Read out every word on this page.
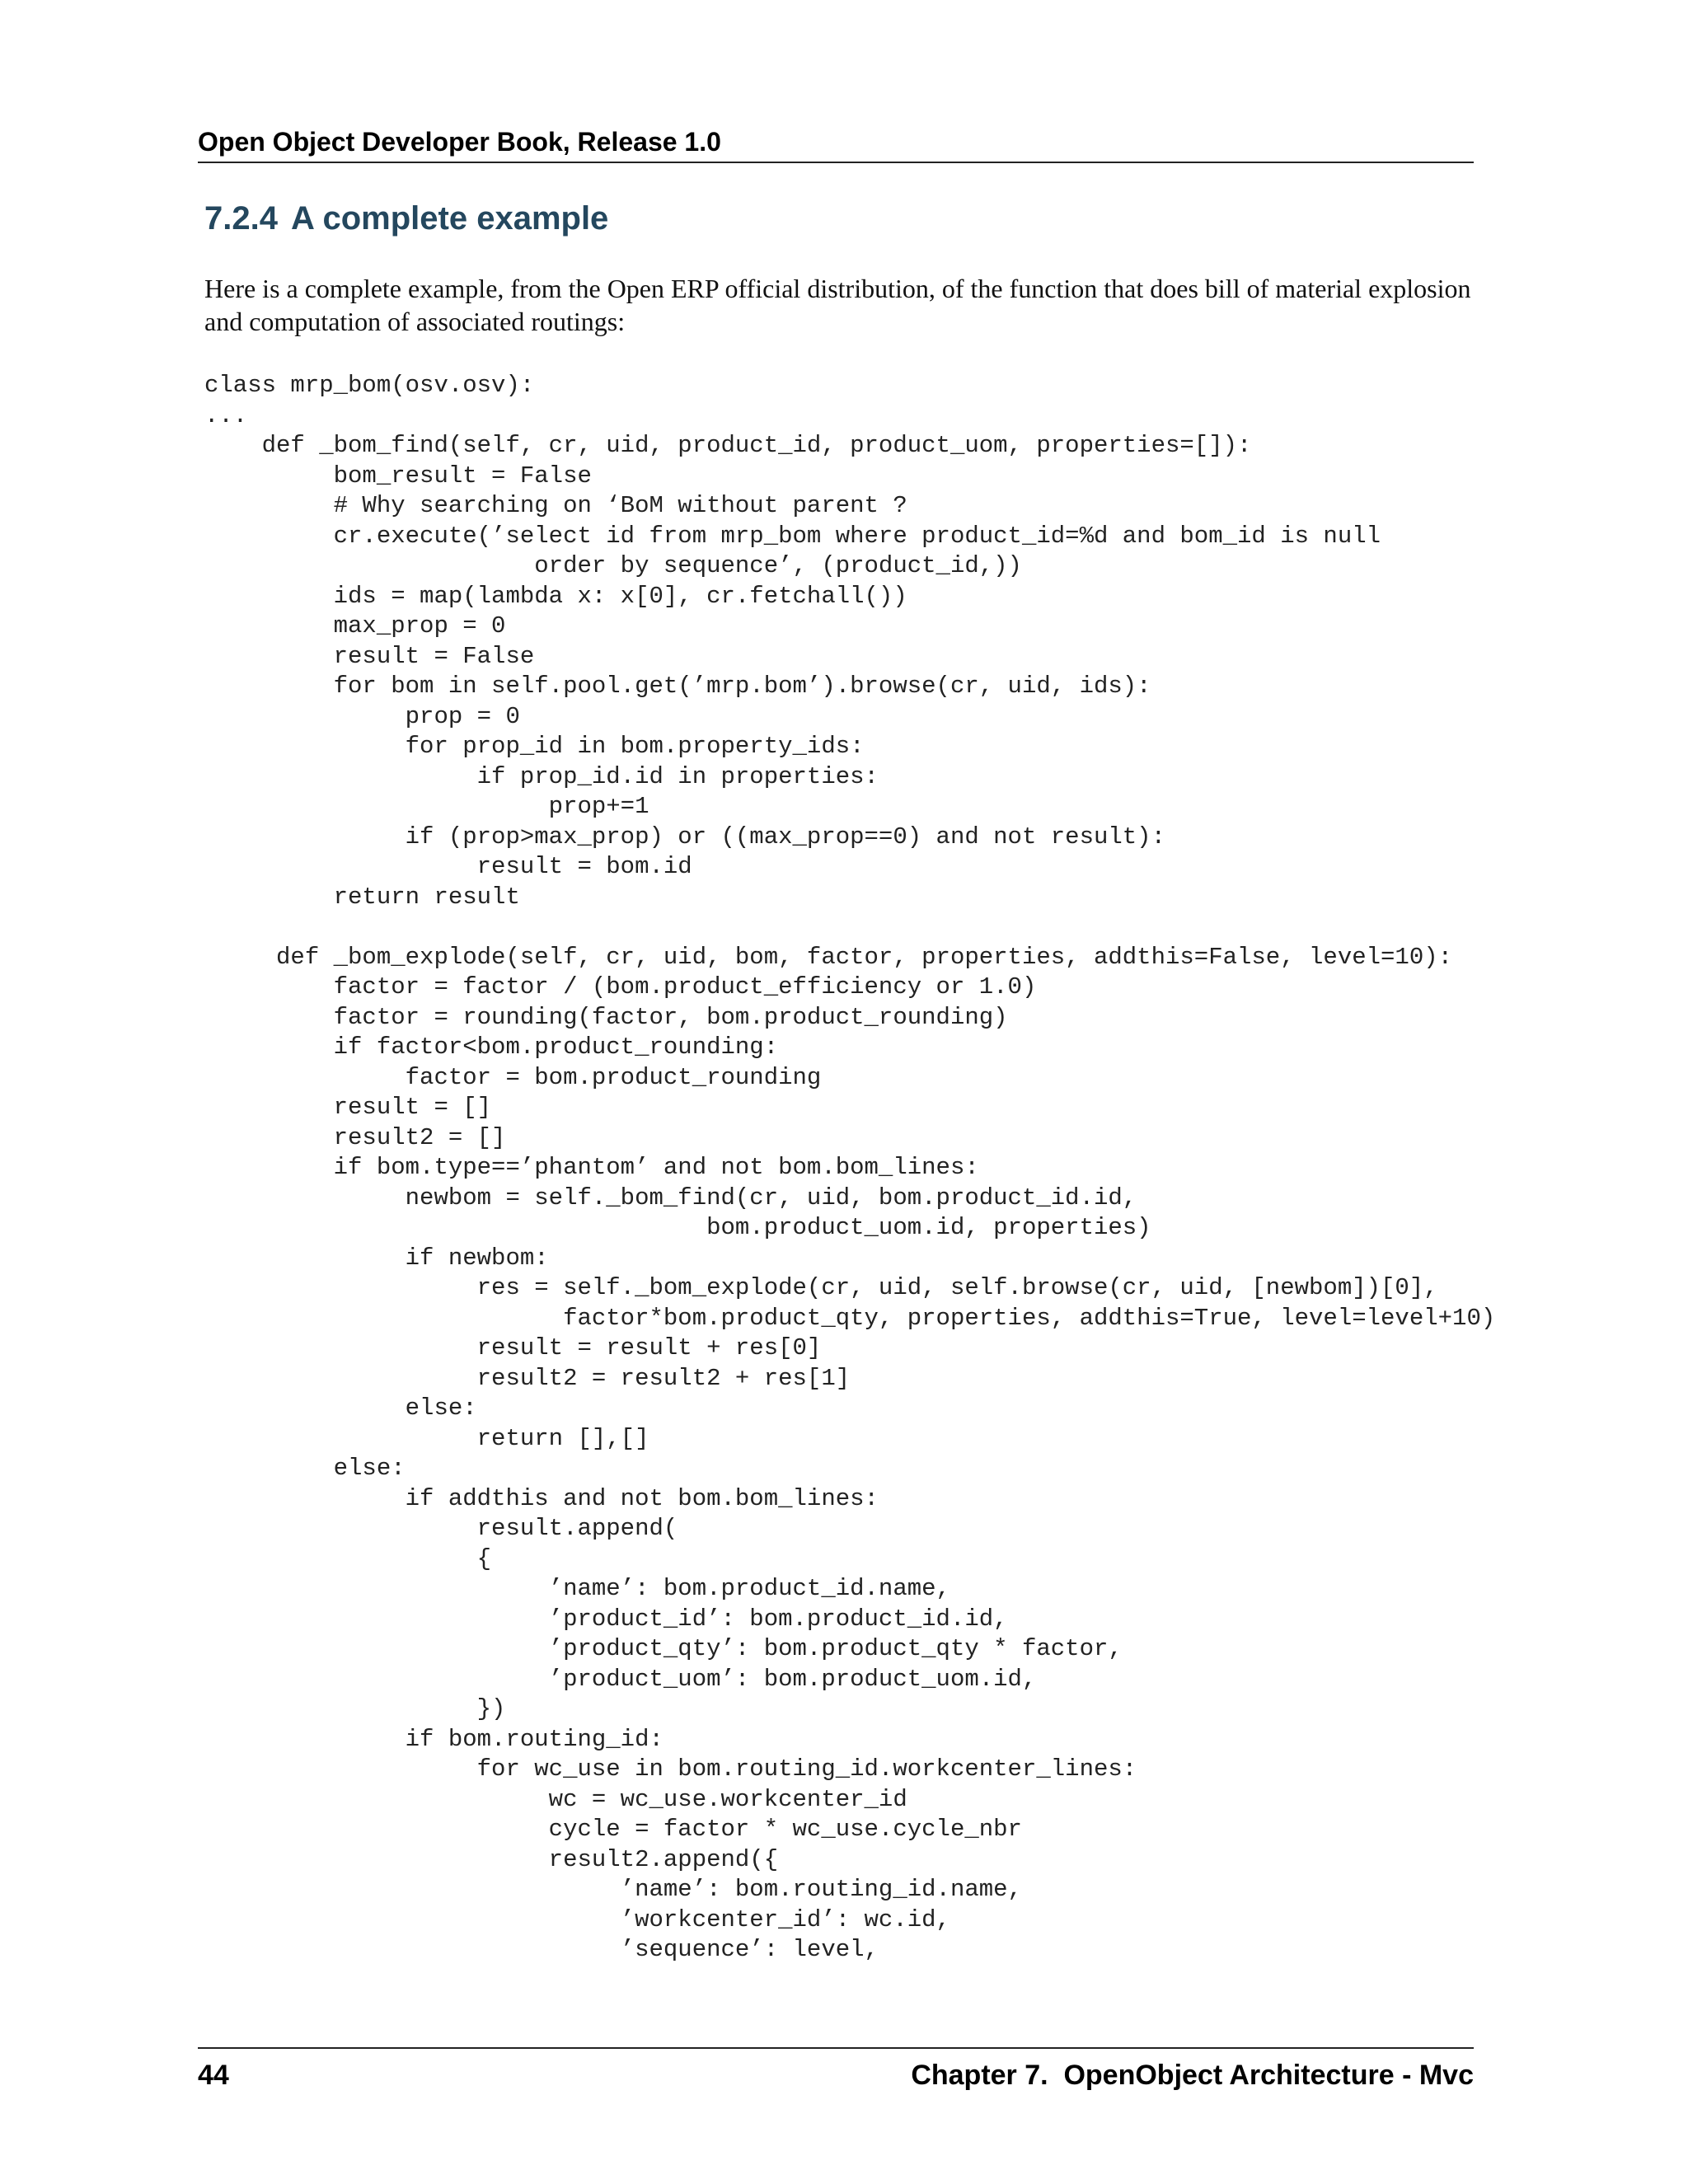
Open Object Developer Book, Release 1.0
7.2.4 A complete example

Here is a complete example, from the Open ERP official distribution, of the function that does bill of material explosion and computation of associated routings:

class mrp_bom(osv.osv):
...
def _bom_find(self, cr, uid, product_id, product_uom, properties=[]):
bom_result = False
# Why searching on ‘BoM without parent ?
cr.execute(’select id from mrp_bom where product_id=%d and bom_id is null
order by sequence’, (product_id,))
ids = map(lambda x: x[0], cr.fetchall())
max_prop = 0
result = False
for bom in self.pool.get(’mrp.bom’).browse(cr, uid, ids):
prop = 0
for prop_id in bom.property_ids:
if prop_id.id in properties:
prop+=1
if (prop>max_prop) or ((max_prop==0) and not result):
result = bom.id
return result

def _bom_explode(self, cr, uid, bom, factor, properties, addthis=False, level=10):
factor = factor / (bom.product_efficiency or 1.0)
factor = rounding(factor, bom.product_rounding)
if factor<bom.product_rounding:
factor = bom.product_rounding
result = []
result2 = []
if bom.type==’phantom’ and not bom.bom_lines:
newbom = self._bom_find(cr, uid, bom.product_id.id,
bom.product_uom.id, properties)
if newbom:
res = self._bom_explode(cr, uid, self.browse(cr, uid, [newbom])[0],
factor*bom.product_qty, properties, addthis=True, level=level+10)
result = result + res[0]
result2 = result2 + res[1]
else:
return [],[]
else:
if addthis and not bom.bom_lines:
result.append(
{
’name’: bom.product_id.name,
’product_id’: bom.product_id.id,
’product_qty’: bom.product_qty * factor,
’product_uom’: bom.product_uom.id,
})
if bom.routing_id:
for wc_use in bom.routing_id.workcenter_lines:
wc = wc_use.workcenter_id
cycle = factor * wc_use.cycle_nbr
result2.append({
’name’: bom.routing_id.name,
’workcenter_id’: wc.id,
’sequence’: level,
44	Chapter 7.  OpenObject Architecture - Mvc
